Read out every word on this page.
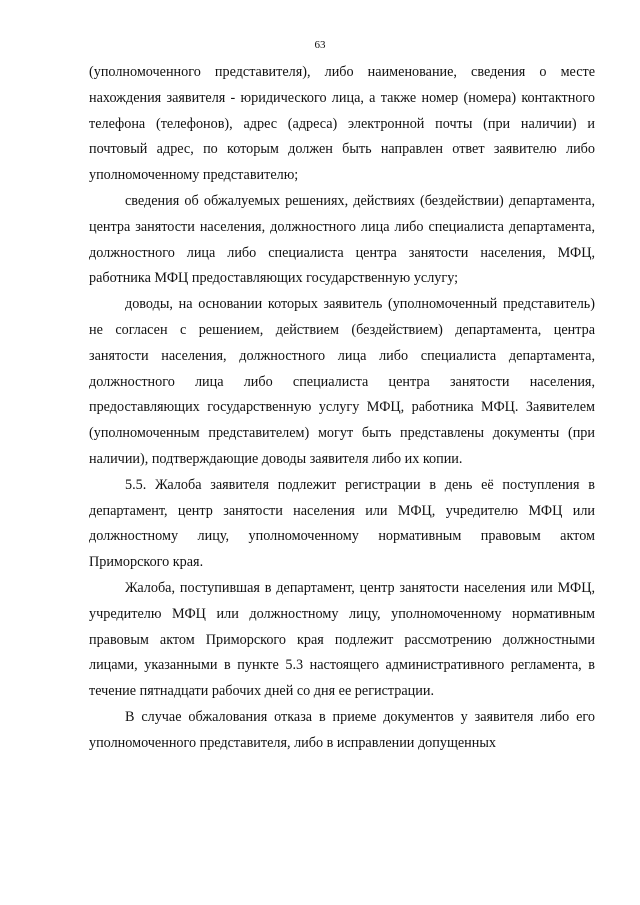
63

(уполномоченного представителя), либо наименование, сведения о месте нахождения заявителя - юридического лица, а также номер (номера) контактного телефона (телефонов), адрес (адреса) электронной почты (при наличии) и почтовый адрес, по которым должен быть направлен ответ заявителю либо уполномоченному представителю;

сведения об обжалуемых решениях, действиях (бездействии) департамента, центра занятости населения, должностного лица либо специалиста департамента, должностного лица либо специалиста центра занятости населения, МФЦ, работника МФЦ предоставляющих государственную услугу;

доводы, на основании которых заявитель (уполномоченный представитель) не согласен с решением, действием (бездействием) департамента, центра занятости населения, должностного лица либо специалиста департамента, должностного лица либо специалиста центра занятости населения, предоставляющих государственную услугу МФЦ, работника МФЦ. Заявителем (уполномоченным представителем) могут быть представлены документы (при наличии), подтверждающие доводы заявителя либо их копии.

5.5. Жалоба заявителя подлежит регистрации в день её поступления в департамент, центр занятости населения или МФЦ, учредителю МФЦ или должностному лицу, уполномоченному нормативным правовым актом Приморского края.

Жалоба, поступившая в департамент, центр занятости населения или МФЦ, учредителю МФЦ или должностному лицу, уполномоченному нормативным правовым актом Приморского края подлежит рассмотрению должностными лицами, указанными в пункте 5.3 настоящего административного регламента, в течение пятнадцати рабочих дней со дня ее регистрации.

В случае обжалования отказа в приеме документов у заявителя либо его уполномоченного представителя, либо в исправлении допущенных
